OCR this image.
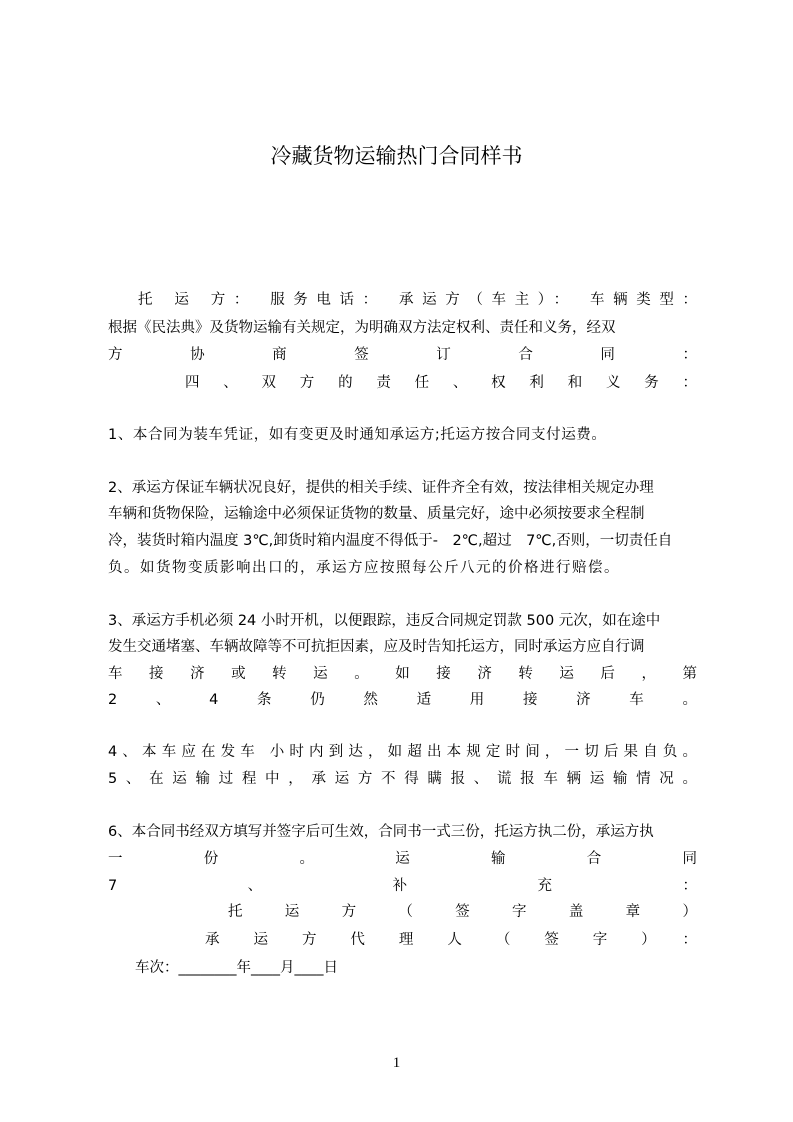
冷藏货物运输热门合同样书
托 运 方： 服务电话： 承运方（车主）： 车辆类型：
根据《民法典》及货物运输有关规定，为明确双方法定权利、责任和义务，经双
方协商签订合同：
四、双方的责任、权利和义务：
1、本合同为装车凭证，如有变更及时通知承运方;托运方按合同支付运费。
2、承运方保证车辆状况良好，提供的相关手续、证件齐全有效，按法律相关规定办理
车辆和货物保险，运输途中必须保证货物的数量、质量完好，途中必须按要求全程制
冷，装货时箱内温度 3℃,卸货时箱内温度不得低于-　2℃,超过　7℃,否则，一切责任自
负。如货物变质影响出口的，承运方应按照每公斤八元的价格进行赔偿。
3、承运方手机必须 24 小时开机，以便跟踪，违反合同规定罚款 500 元次，如在途中
发生交通堵塞、车辆故障等不可抗拒因素，应及时告知托运方，同时承运方应自行调
车接济或转运。如接济转运后，第
2、4条仍然适用接济车。
4、本车应在发车 小时内到达，如超出本规定时间，一切后果自负。
5、在运输过程中，承运方不得瞒报、谎报车辆运输情况。
6、本合同书经双方填写并签字后可生效，合同书一式三份，托运方执二份，承运方执
一份。运输合同
7、补充：
托运方（签字盖章）
承运方代理人（签字）：
车次：________年____月____日
1
